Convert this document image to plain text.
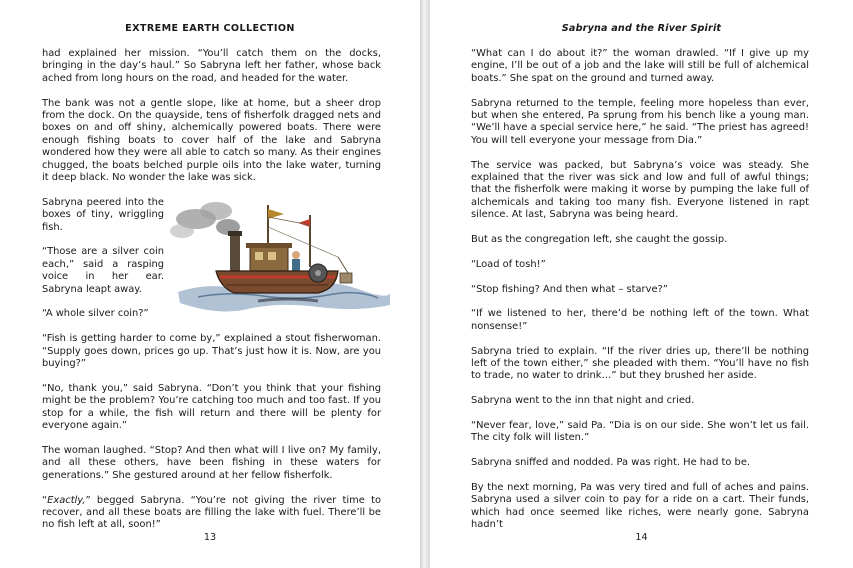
EXTREME EARTH COLLECTION

had explained her mission. “You’ll catch them on the docks, bringing in the day’s haul.” So Sabryna left her father, whose back ached from long hours on the road, and headed for the water.

The bank was not a gentle slope, like at home, but a sheer drop from the dock. On the quayside, tens of fisherfolk dragged nets and boxes on and off shiny, alchemically powered boats. There were enough fishing boats to cover half of the lake and Sabryna wondered how they were all able to catch so many. As their engines chugged, the boats belched purple oils into the lake water, turning it deep black. No wonder the lake was sick.

Sabryna peered into the boxes of tiny, wriggling fish.

“Those are a silver coin each,” said a rasping voice in her ear. Sabryna leapt away.

“A whole silver coin?”

“Fish is getting harder to come by,” explained a stout fisherwoman. “Supply goes down, prices go up. That’s just how it is. Now, are you buying?”

“No, thank you,” said Sabryna. “Don’t you think that your fishing might be the problem? You’re catching too much and too fast. If you stop for a while, the fish will return and there will be plenty for everyone again.”

The woman laughed. “Stop? And then what will I live on? My family, and all these others, have been fishing in these waters for generations.” She gestured around at her fellow fisherfolk.

“Exactly,” begged Sabryna. “You’re not giving the river time to recover, and all these boats are filling the lake with fuel. There’ll be no fish left at all, soon!”

13
Sabryna and the River Spirit

“What can I do about it?” the woman drawled. “If I give up my engine, I’ll be out of a job and the lake will still be full of alchemical boats.” She spat on the ground and turned away.

Sabryna returned to the temple, feeling more hopeless than ever, but when she entered, Pa sprung from his bench like a young man. “We’ll have a special service here,” he said. “The priest has agreed! You will tell everyone your message from Dia.”

The service was packed, but Sabryna’s voice was steady. She explained that the river was sick and low and full of awful things; that the fisherfolk were making it worse by pumping the lake full of alchemicals and taking too many fish. Everyone listened in rapt silence. At last, Sabryna was being heard.

But as the congregation left, she caught the gossip.

“Load of tosh!”

“Stop fishing? And then what – starve?”

“If we listened to her, there’d be nothing left of the town. What nonsense!”

Sabryna tried to explain. “If the river dries up, there’ll be nothing left of the town either,” she pleaded with them. “You’ll have no fish to trade, no water to drink…” but they brushed her aside.

Sabryna went to the inn that night and cried.

“Never fear, love,” said Pa. “Dia is on our side. She won’t let us fail. The city folk will listen.”

Sabryna sniffed and nodded. Pa was right. He had to be.

By the next morning, Pa was very tired and full of aches and pains. Sabryna used a silver coin to pay for a ride on a cart. Their funds, which had once seemed like riches, were nearly gone. Sabryna hadn’t

14
